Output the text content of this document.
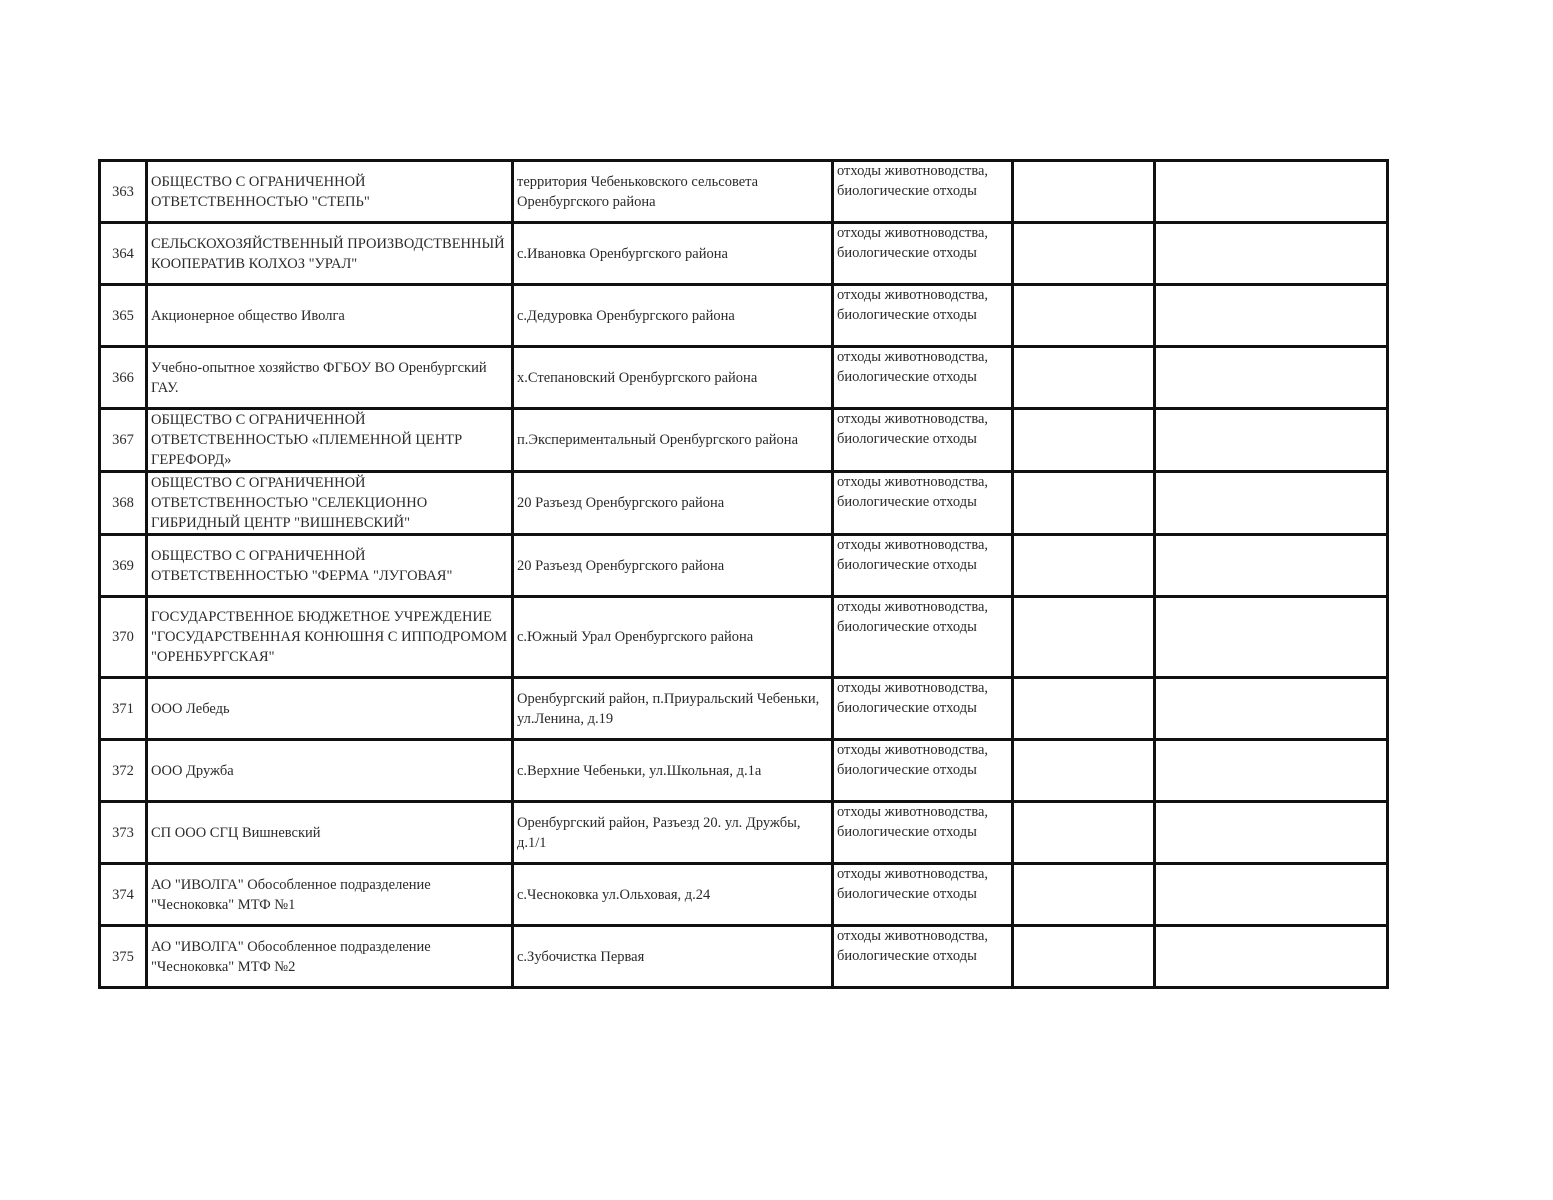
363	ОБЩЕСТВО С ОГРАНИЧЕННОЙ ОТВЕТСТВЕННОСТЬЮ "СТЕПЬ"	территория Чебеньковского сельсовета Оренбургского района	отходы животноводства, биологические отходы		

364	СЕЛЬСКОХОЗЯЙСТВЕННЫЙ ПРОИЗВОДСТВЕННЫЙ КООПЕРАТИВ КОЛХОЗ "УРАЛ"	с.Ивановка Оренбургского района	отходы животноводства, биологические отходы		

365	Акционерное общество Иволга	с.Дедуровка Оренбургского района	отходы животноводства, биологические отходы		

366	Учебно-опытное хозяйство ФГБОУ ВО Оренбургский ГАУ.	х.Степановский Оренбургского района	отходы животноводства, биологические отходы		

367	ОБЩЕСТВО С ОГРАНИЧЕННОЙ ОТВЕТСТВЕННОСТЬЮ «ПЛЕМЕННОЙ ЦЕНТР ГЕРЕФОРД»	п.Экспериментальный Оренбургского района	отходы животноводства, биологические отходы		

368	ОБЩЕСТВО С ОГРАНИЧЕННОЙ ОТВЕТСТВЕННОСТЬЮ "СЕЛЕКЦИОННО ГИБРИДНЫЙ ЦЕНТР "ВИШНЕВСКИЙ"	20 Разъезд Оренбургского района	отходы животноводства, биологические отходы		

369	ОБЩЕСТВО С ОГРАНИЧЕННОЙ ОТВЕТСТВЕННОСТЬЮ "ФЕРМА "ЛУГОВАЯ"	20 Разъезд Оренбургского района	отходы животноводства, биологические отходы		

370	ГОСУДАРСТВЕННОЕ БЮДЖЕТНОЕ УЧРЕЖДЕНИЕ "ГОСУДАРСТВЕННАЯ КОНЮШНЯ С ИППОДРОМОМ "ОРЕНБУРГСКАЯ"	с.Южный Урал Оренбургского района	отходы животноводства, биологические отходы		

371	ООО Лебедь	Оренбургский район, п.Приуральский Чебеньки, ул.Ленина, д.19	отходы животноводства, биологические отходы		

372	ООО Дружба	с.Верхние Чебеньки, ул.Школьная, д.1а	отходы животноводства, биологические отходы		

373	СП ООО СГЦ Вишневский	Оренбургский район, Разъезд 20. ул. Дружбы, д.1/1	отходы животноводства, биологические отходы		

374	АО "ИВОЛГА" Обособленное подразделение "Чесноковка" МТФ №1	с.Чесноковка ул.Ольховая, д.24	отходы животноводства, биологические отходы		

375	АО "ИВОЛГА" Обособленное подразделение "Чесноковка" МТФ №2	с.Зубочистка Первая	отходы животноводства, биологические отходы		
